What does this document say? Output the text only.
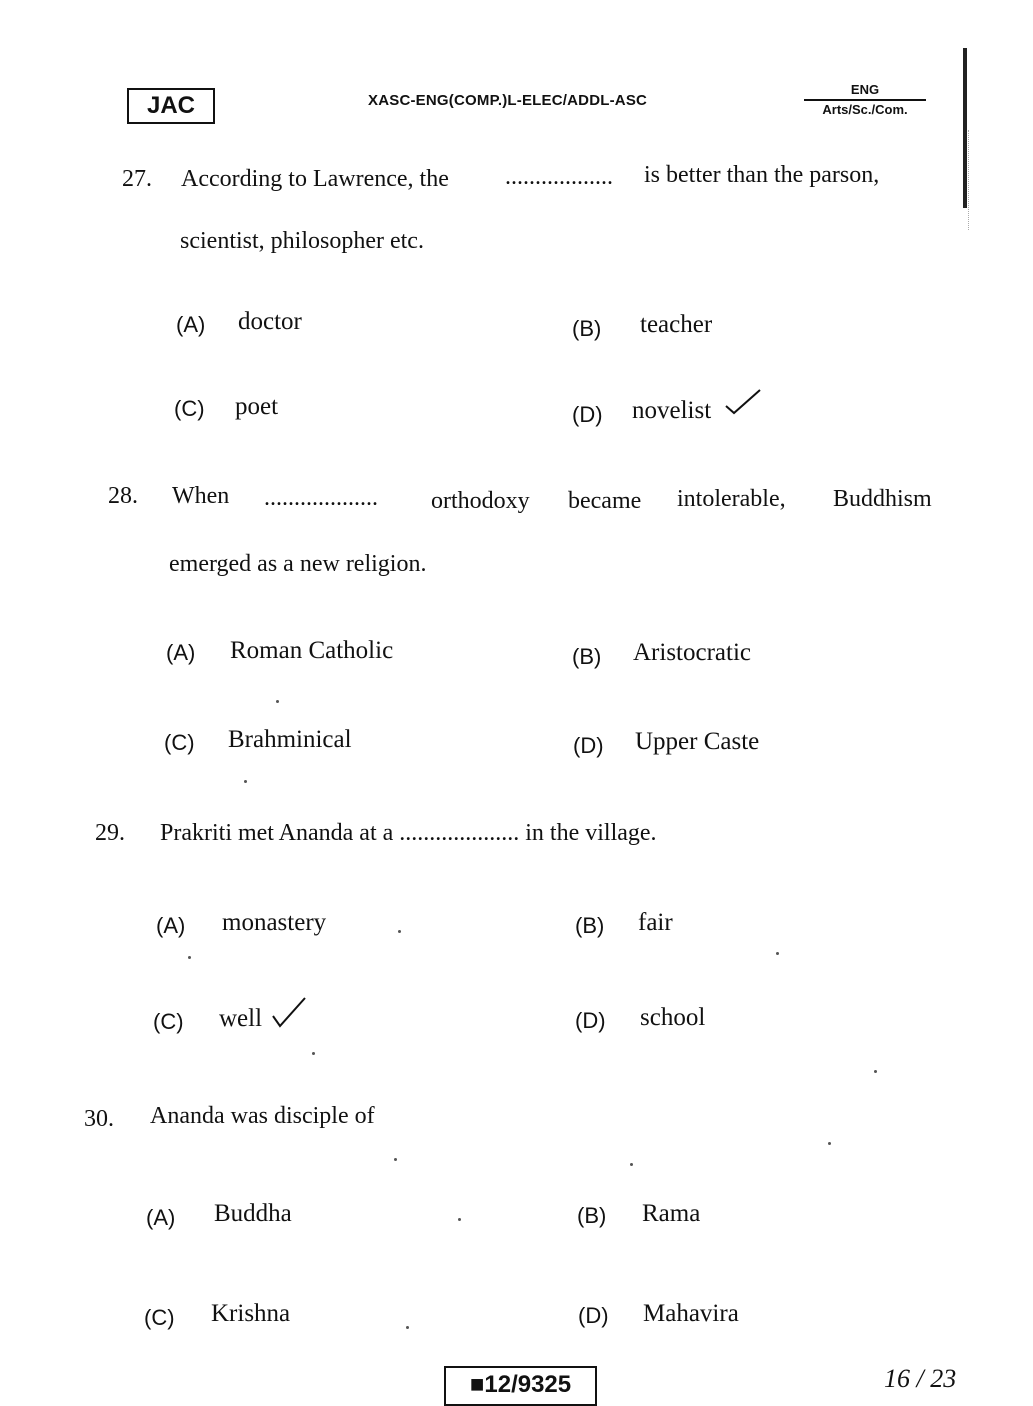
JAC	XASC-ENG(COMP.)L-ELEC/ADDL-ASC
ENG
Arts/Sc./Com.
27. According to Lawrence, the .................. is better than the parson,
scientist, philosopher etc.
(A) doctor	(B) teacher
(C) poet	(D) novelist
28. When ................... orthodoxy became intolerable, Buddhism
emerged as a new religion.
(A) Roman Catholic	(B) Aristocratic
(C) Brahminical	(D) Upper Caste
29. Prakriti met Ananda at a .................... in the village.
(A) monastery	(B) fair
(C) well	(D) school
30. Ananda was disciple of
(A) Buddha	(B) Rama
(C) Krishna	(D) Mahavira
■12/9325	16 / 23
